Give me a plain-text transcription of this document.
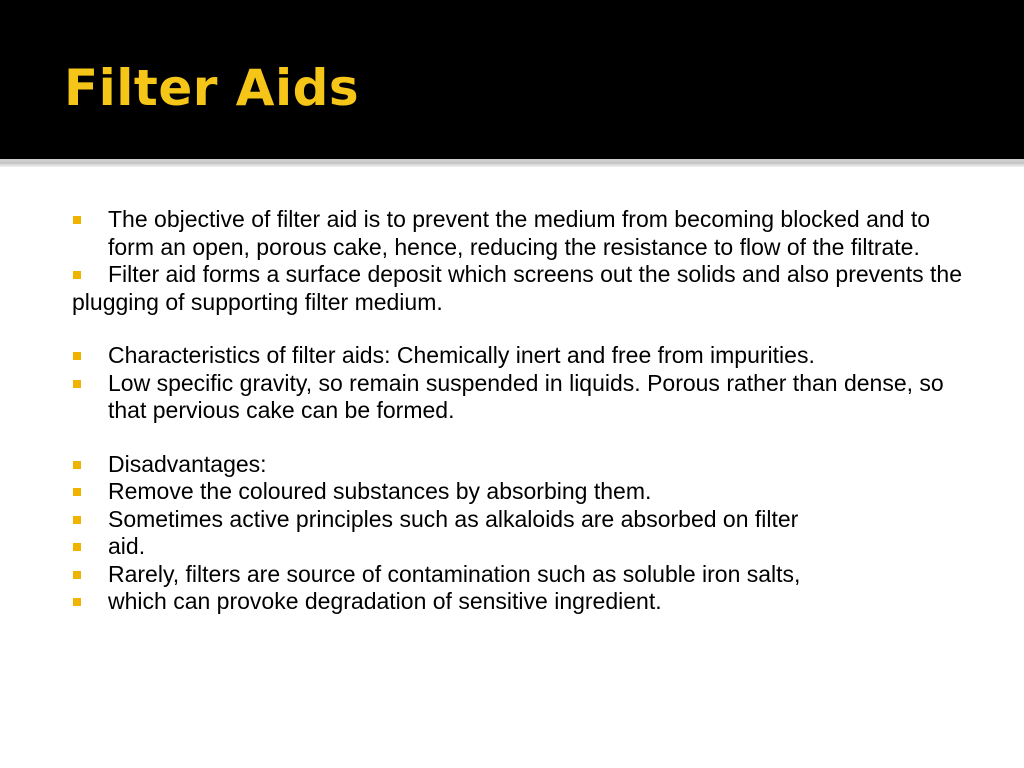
Filter Aids
The objective of filter aid is to prevent the medium from becoming blocked and to form an open, porous cake, hence, reducing the resistance to flow of the filtrate.
Filter aid forms a surface deposit which screens out the solids and also prevents the plugging of supporting filter medium.
Characteristics of filter aids: Chemically inert and free from impurities.
Low specific gravity, so remain suspended in liquids. Porous rather than dense, so that pervious cake can be formed.
Disadvantages:
Remove the coloured substances by absorbing them.
Sometimes active principles such as alkaloids are absorbed on filter
aid.
Rarely, filters are source of contamination such as soluble iron salts,
which can provoke degradation of sensitive ingredient.
